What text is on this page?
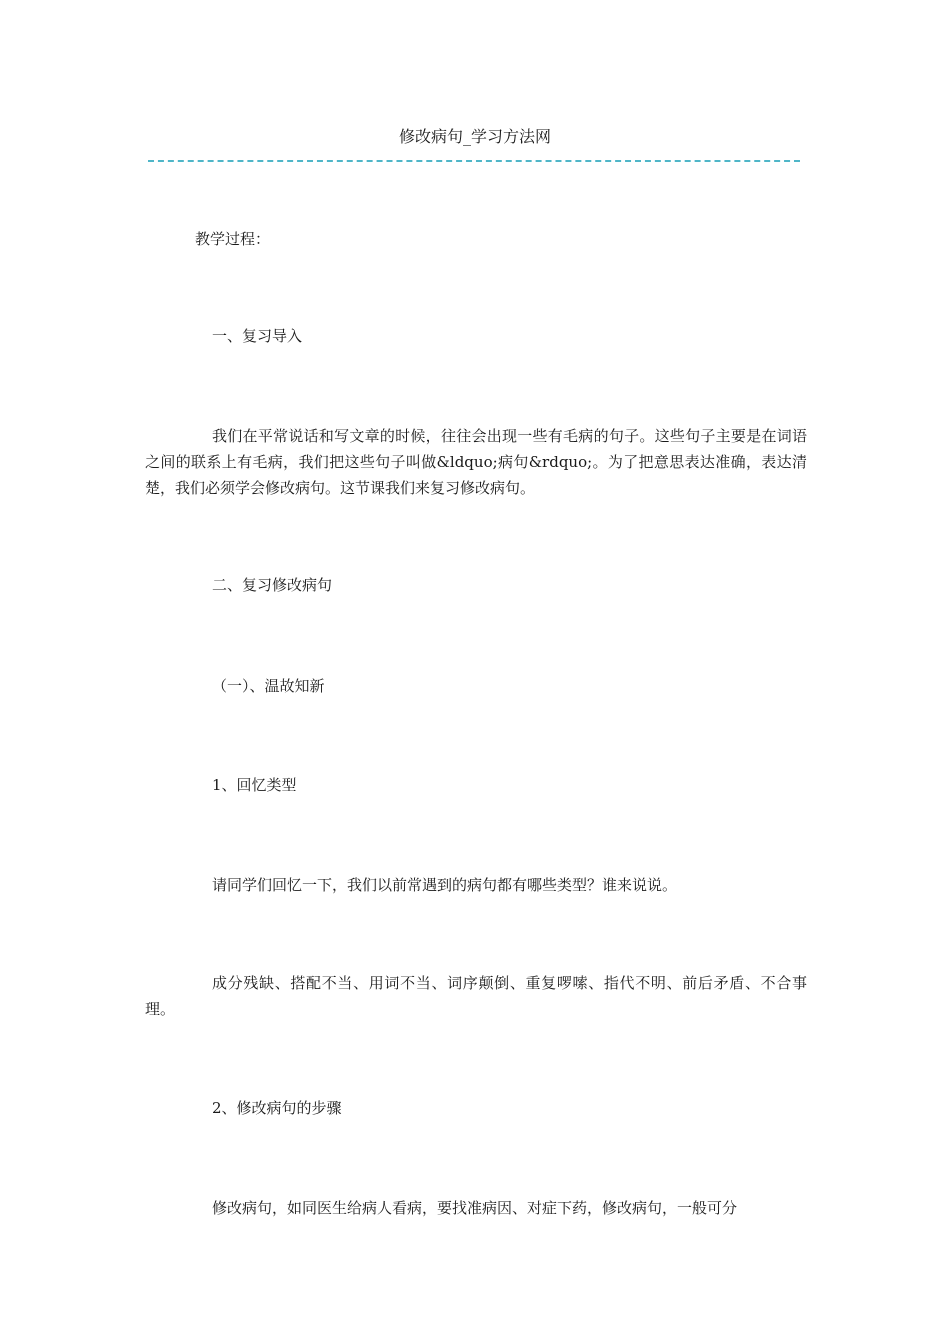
修改病句_学习方法网

教学过程：

一、复习导入

我们在平常说话和写文章的时候，往往会出现一些有毛病的句子。这些句子主要是在词语之间的联系上有毛病，我们把这些句子叫做&ldquo;病句&rdquo;。为了把意思表达准确，表达清楚，我们必须学会修改病句。这节课我们来复习修改病句。

二、复习修改病句

（一）、温故知新

1、回忆类型

请同学们回忆一下，我们以前常遇到的病句都有哪些类型？谁来说说。

成分残缺、搭配不当、用词不当、词序颠倒、重复啰嗦、指代不明、前后矛盾、不合事理。

2、修改病句的步骤

修改病句，如同医生给病人看病，要找准病因、对症下药，修改病句，一般可分
